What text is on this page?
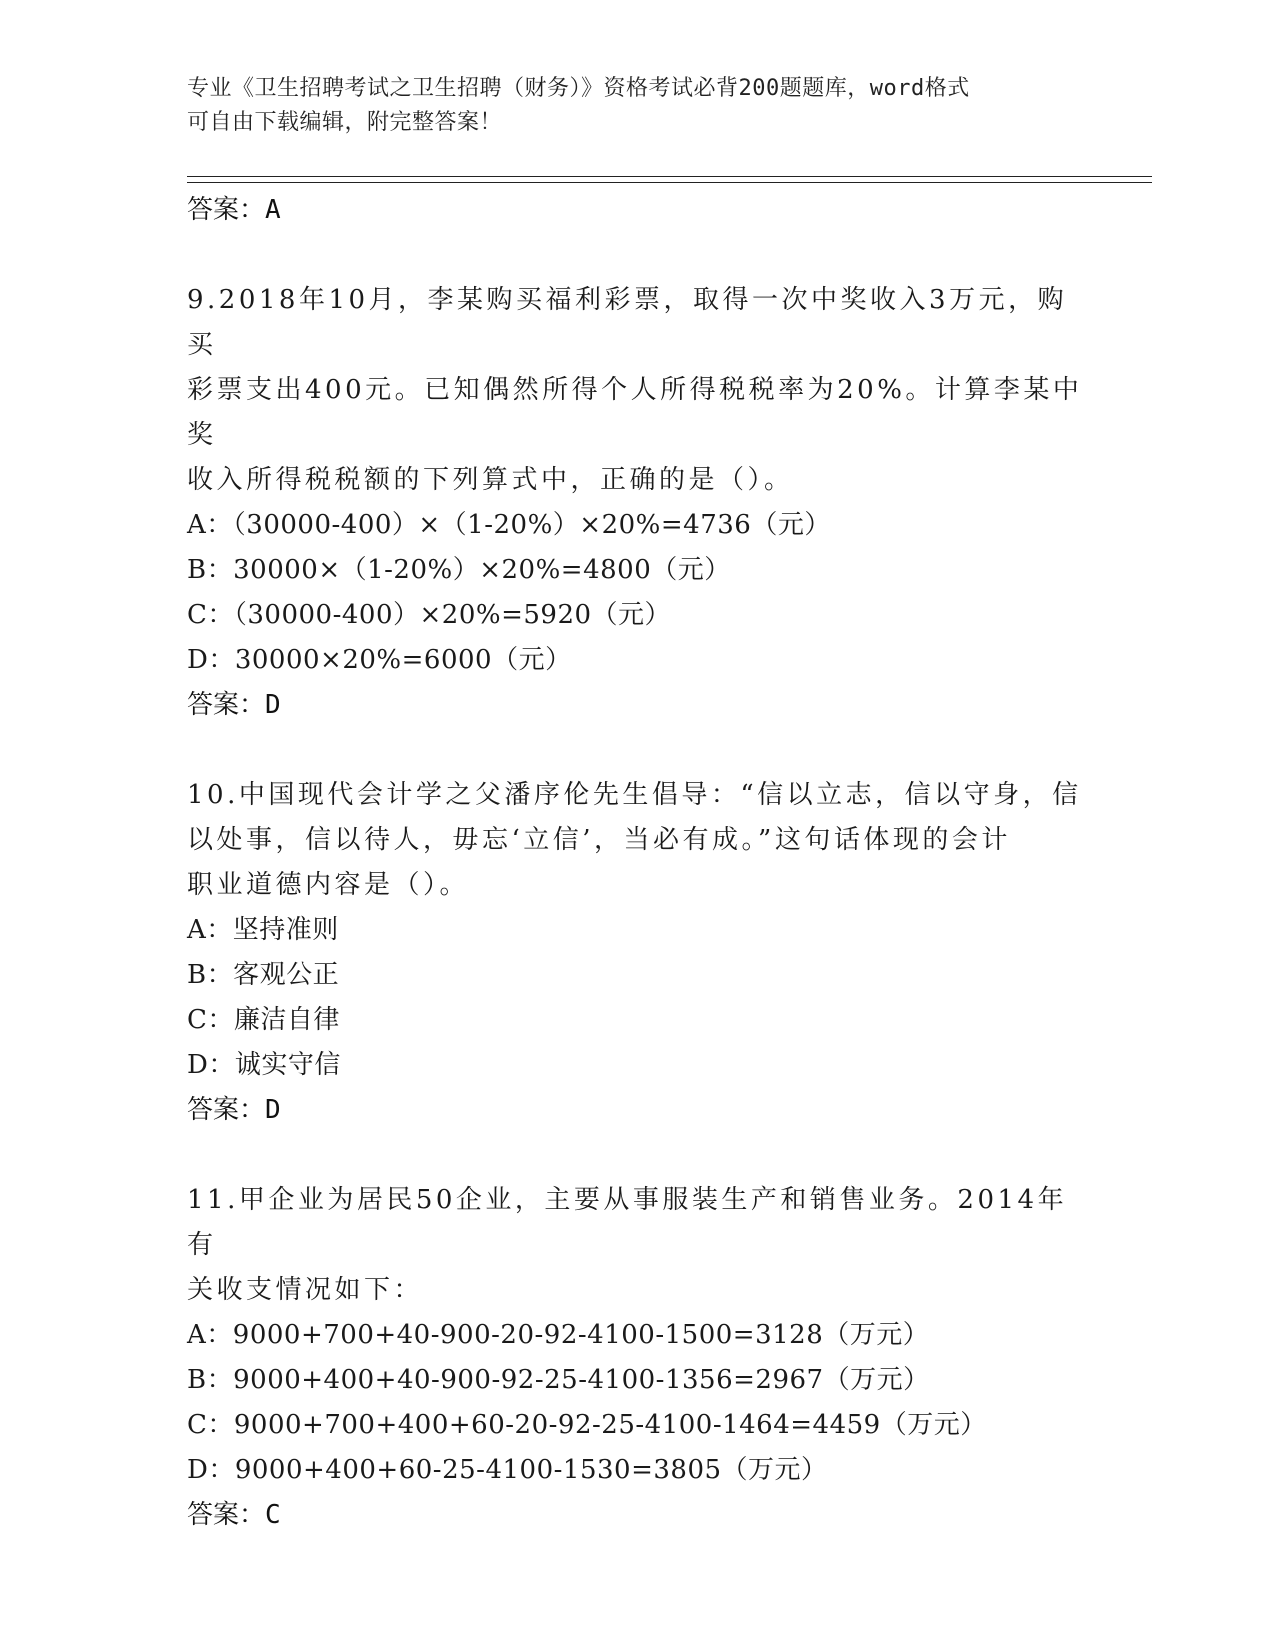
专业《卫生招聘考试之卫生招聘（财务）》资格考试必背200题题库，word格式
可自由下载编辑，附完整答案！

答案：A

9.2018年10月，李某购买福利彩票，取得一次中奖收入3万元，购买

彩票支出400元。已知偶然所得个人所得税税率为20%。计算李某中奖

收入所得税税额的下列算式中，正确的是（）。

A：（30000-400）×（1-20%）×20%=4736（元）

B：30000×（1-20%）×20%=4800（元）

C：（30000-400）×20%=5920（元）

D：30000×20%=6000（元）

答案：D

10.中国现代会计学之父潘序伦先生倡导：“信以立志，信以守身，信

以处事，信以待人，毋忘‘立信’，当必有成。”这句话体现的会计

职业道德内容是（）。

A：坚持准则

B：客观公正

C：廉洁自律

D：诚实守信

答案：D

11.甲企业为居民50企业，主要从事服装生产和销售业务。2014年有

关收支情况如下：

A：9000+700+40-900-20-92-4100-1500=3128（万元）

B：9000+400+40-900-92-25-4100-1356=2967（万元）

C：9000+700+400+60-20-92-25-4100-1464=4459（万元）

D：9000+400+60-25-4100-1530=3805（万元）

答案：C
